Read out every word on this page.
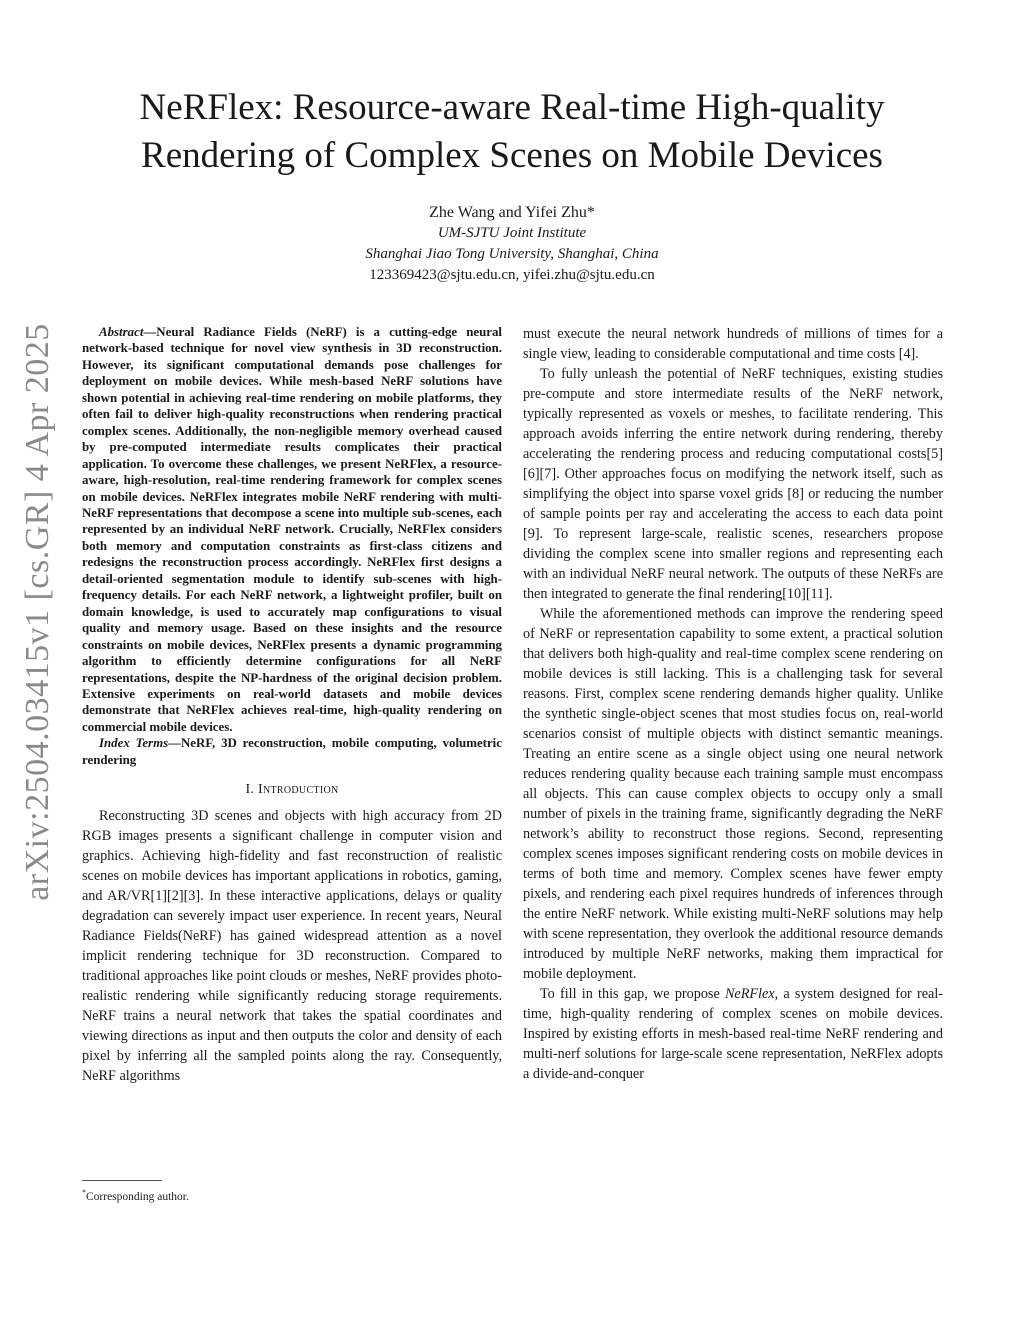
arXiv:2504.03415v1 [cs.GR] 4 Apr 2025
NeRFlex: Resource-aware Real-time High-quality Rendering of Complex Scenes on Mobile Devices
Zhe Wang and Yifei Zhu*
UM-SJTU Joint Institute
Shanghai Jiao Tong University, Shanghai, China
123369423@sjtu.edu.cn, yifei.zhu@sjtu.edu.cn

Abstract—Neural Radiance Fields (NeRF) is a cutting-edge neural network-based technique for novel view synthesis in 3D reconstruction. However, its significant computational demands pose challenges for deployment on mobile devices. While mesh-based NeRF solutions have shown potential in achieving real-time rendering on mobile platforms, they often fail to deliver high-quality reconstructions when rendering practical complex scenes. Additionally, the non-negligible memory overhead caused by pre-computed intermediate results complicates their practical application. To overcome these challenges, we present NeRFlex, a resource-aware, high-resolution, real-time rendering framework for complex scenes on mobile devices. NeRFlex integrates mobile NeRF rendering with multi-NeRF representations that decompose a scene into multiple sub-scenes, each represented by an individual NeRF network. Crucially, NeRFlex considers both memory and computation constraints as first-class citizens and redesigns the reconstruction process accordingly. NeRFlex first designs a detail-oriented segmentation module to identify sub-scenes with high-frequency details. For each NeRF network, a lightweight profiler, built on domain knowledge, is used to accurately map configurations to visual quality and memory usage. Based on these insights and the resource constraints on mobile devices, NeRFlex presents a dynamic programming algorithm to efficiently determine configurations for all NeRF representations, despite the NP-hardness of the original decision problem. Extensive experiments on real-world datasets and mobile devices demonstrate that NeRFlex achieves real-time, high-quality rendering on commercial mobile devices.

Index Terms—NeRF, 3D reconstruction, mobile computing, volumetric rendering

I. Introduction

Reconstructing 3D scenes and objects with high accuracy from 2D RGB images presents a significant challenge in computer vision and graphics. Achieving high-fidelity and fast reconstruction of realistic scenes on mobile devices has important applications in robotics, gaming, and AR/VR[1][2][3]. In these interactive applications, delays or quality degradation can severely impact user experience. In recent years, Neural Radiance Fields(NeRF) has gained widespread attention as a novel implicit rendering technique for 3D reconstruction. Compared to traditional approaches like point clouds or meshes, NeRF provides photo-realistic rendering while significantly reducing storage requirements. NeRF trains a neural network that takes the spatial coordinates and viewing directions as input and then outputs the color and density of each pixel by inferring all the sampled points along the ray. Consequently, NeRF algorithms

*Corresponding author.

must execute the neural network hundreds of millions of times for a single view, leading to considerable computational and time costs [4].

To fully unleash the potential of NeRF techniques, existing studies pre-compute and store intermediate results of the NeRF network, typically represented as voxels or meshes, to facilitate rendering. This approach avoids inferring the entire network during rendering, thereby accelerating the rendering process and reducing computational costs[5][6][7]. Other approaches focus on modifying the network itself, such as simplifying the object into sparse voxel grids [8] or reducing the number of sample points per ray and accelerating the access to each data point [9]. To represent large-scale, realistic scenes, researchers propose dividing the complex scene into smaller regions and representing each with an individual NeRF neural network. The outputs of these NeRFs are then integrated to generate the final rendering[10][11].

While the aforementioned methods can improve the rendering speed of NeRF or representation capability to some extent, a practical solution that delivers both high-quality and real-time complex scene rendering on mobile devices is still lacking. This is a challenging task for several reasons. First, complex scene rendering demands higher quality. Unlike the synthetic single-object scenes that most studies focus on, real-world scenarios consist of multiple objects with distinct semantic meanings. Treating an entire scene as a single object using one neural network reduces rendering quality because each training sample must encompass all objects. This can cause complex objects to occupy only a small number of pixels in the training frame, significantly degrading the NeRF network’s ability to reconstruct those regions. Second, representing complex scenes imposes significant rendering costs on mobile devices in terms of both time and memory. Complex scenes have fewer empty pixels, and rendering each pixel requires hundreds of inferences through the entire NeRF network. While existing multi-NeRF solutions may help with scene representation, they overlook the additional resource demands introduced by multiple NeRF networks, making them impractical for mobile deployment.

To fill in this gap, we propose NeRFlex, a system designed for real-time, high-quality rendering of complex scenes on mobile devices. Inspired by existing efforts in mesh-based real-time NeRF rendering and multi-nerf solutions for large-scale scene representation, NeRFlex adopts a divide-and-conquer
